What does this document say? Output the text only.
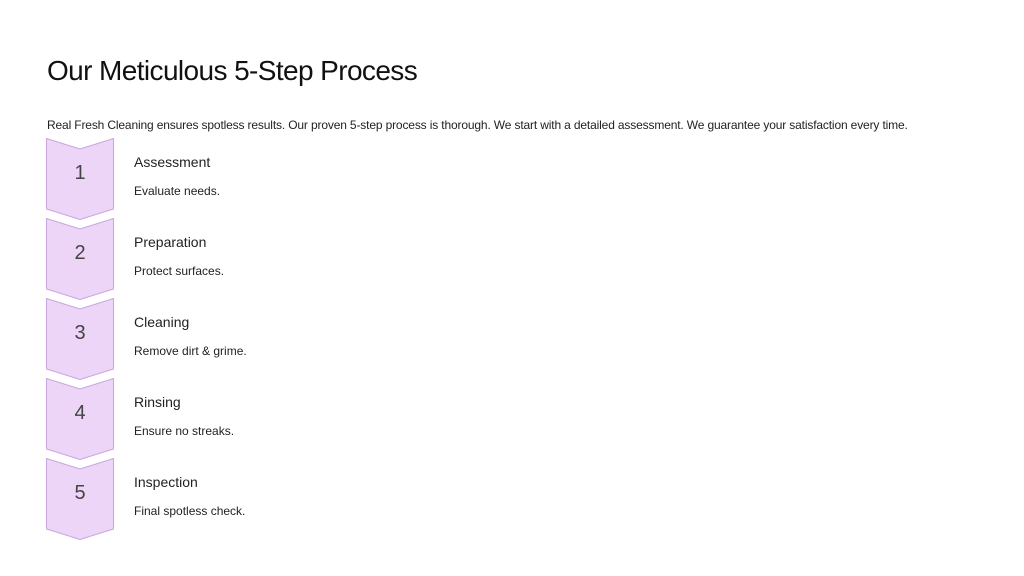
Our Meticulous 5-Step Process

Real Fresh Cleaning ensures spotless results. Our proven 5-step process is thorough. We start with a detailed assessment. We guarantee your satisfaction every time.

1	Assessment
Evaluate needs.
2	Preparation
Protect surfaces.
3	Cleaning
Remove dirt & grime.
4	Rinsing
Ensure no streaks.
5	Inspection
Final spotless check.
